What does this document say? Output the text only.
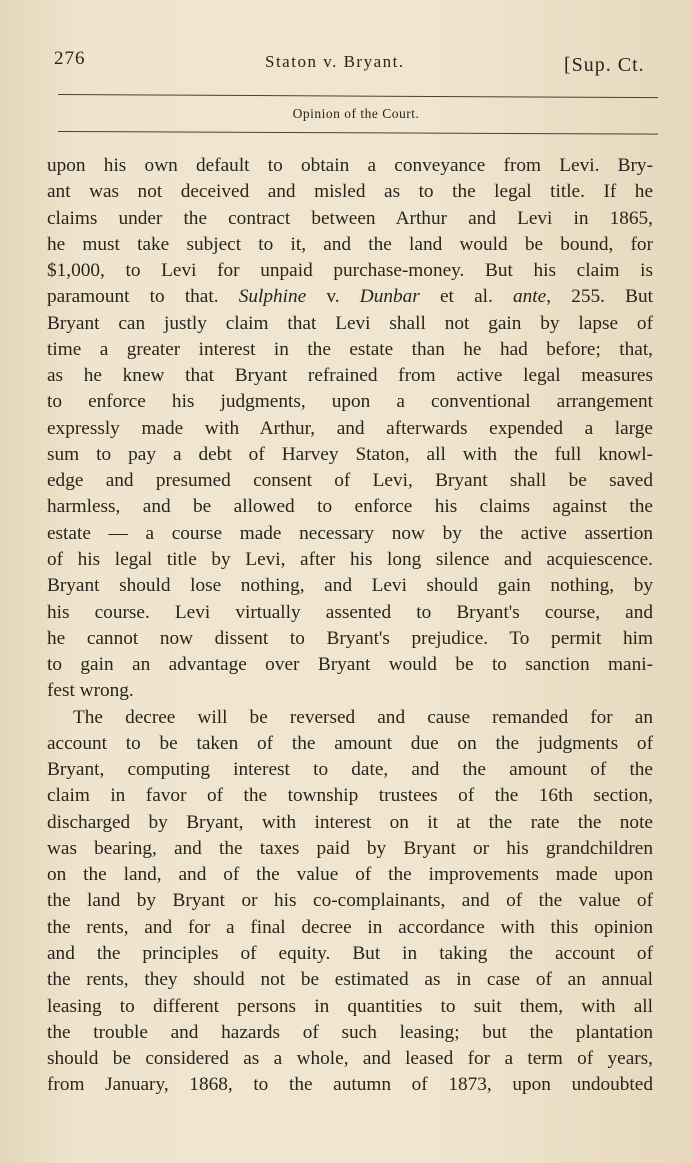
276	Staton v. Bryant.	[Sup. Ct.
Opinion of the Court.
upon his own default to obtain a conveyance from Levi. Bry-
ant was not deceived and misled as to the legal title. If he
claims under the contract between Arthur and Levi in 1865,
he must take subject to it, and the land would be bound, for
$1,000, to Levi for unpaid purchase-money. But his claim is
paramount to that. Sulphine v. Dunbar et al. ante, 255. But
Bryant can justly claim that Levi shall not gain by lapse of
time a greater interest in the estate than he had before; that,
as he knew that Bryant refrained from active legal measures
to enforce his judgments, upon a conventional arrangement
expressly made with Arthur, and afterwards expended a large
sum to pay a debt of Harvey Staton, all with the full knowl-
edge and presumed consent of Levi, Bryant shall be saved
harmless, and be allowed to enforce his claims against the
estate — a course made necessary now by the active assertion
of his legal title by Levi, after his long silence and acquiescence.
Bryant should lose nothing, and Levi should gain nothing, by
his course. Levi virtually assented to Bryant's course, and
he cannot now dissent to Bryant's prejudice. To permit him
to gain an advantage over Bryant would be to sanction mani-
fest wrong.
The decree will be reversed and cause remanded for an
account to be taken of the amount due on the judgments of
Bryant, computing interest to date, and the amount of the
claim in favor of the township trustees of the 16th section,
discharged by Bryant, with interest on it at the rate the note
was bearing, and the taxes paid by Bryant or his grandchildren
on the land, and of the value of the improvements made upon
the land by Bryant or his co-complainants, and of the value of
the rents, and for a final decree in accordance with this opinion
and the principles of equity. But in taking the account of
the rents, they should not be estimated as in case of an annual
leasing to different persons in quantities to suit them, with all
the trouble and hazards of such leasing; but the plantation
should be considered as a whole, and leased for a term of years,
from January, 1868, to the autumn of 1873, upon undoubted
